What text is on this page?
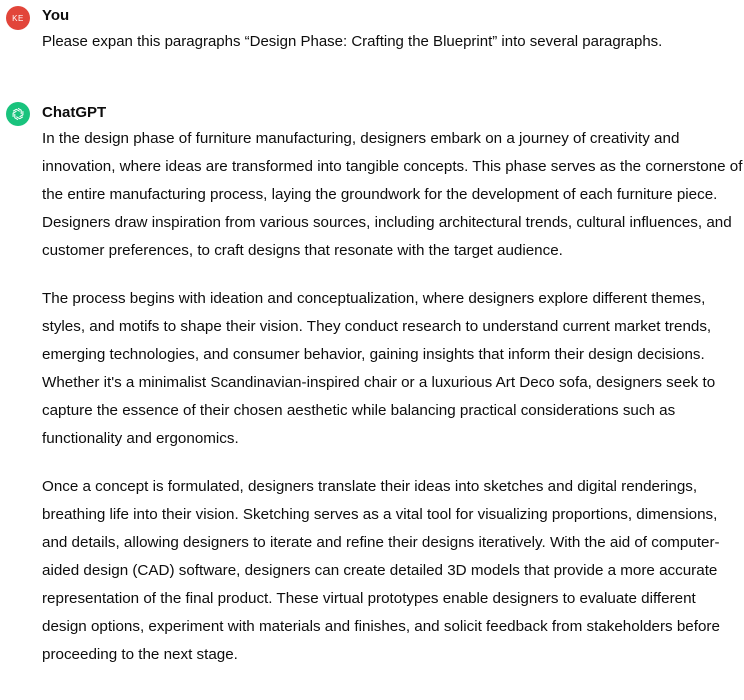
KE You
Please expan this paragraphs “Design Phase: Crafting the Blueprint” into several paragraphs.
ChatGPT

In the design phase of furniture manufacturing, designers embark on a journey of creativity and innovation, where ideas are transformed into tangible concepts. This phase serves as the cornerstone of the entire manufacturing process, laying the groundwork for the development of each furniture piece. Designers draw inspiration from various sources, including architectural trends, cultural influences, and customer preferences, to craft designs that resonate with the target audience.

The process begins with ideation and conceptualization, where designers explore different themes, styles, and motifs to shape their vision. They conduct research to understand current market trends, emerging technologies, and consumer behavior, gaining insights that inform their design decisions. Whether it's a minimalist Scandinavian-inspired chair or a luxurious Art Deco sofa, designers seek to capture the essence of their chosen aesthetic while balancing practical considerations such as functionality and ergonomics.

Once a concept is formulated, designers translate their ideas into sketches and digital renderings, breathing life into their vision. Sketching serves as a vital tool for visualizing proportions, dimensions, and details, allowing designers to iterate and refine their designs iteratively. With the aid of computer-aided design (CAD) software, designers can create detailed 3D models that provide a more accurate representation of the final product. These virtual prototypes enable designers to evaluate different design options, experiment with materials and finishes, and solicit feedback from stakeholders before proceeding to the next stage.
